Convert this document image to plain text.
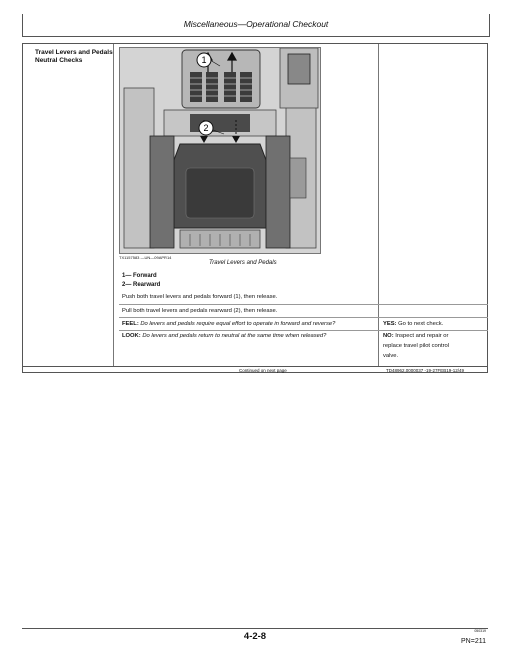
Miscellaneous—Operational Checkout
Travel Levers and Pedals
Neutral Checks	1
2
TX1157583 —UN—09APR14
Travel Levers and Pedals
1— Forward
2— Rearward
Push both travel levers and pedals forward (1), then release.
Pull both travel levers and pedals rearward (2), then release.
FEEL: Do levers and pedals require equal effort to operate in forward and reverse?	YES: Go to next check.
LOOK: Do levers and pedals return to neutral at the same time when released?	NO: Inspect and repair or
replace travel pilot control
valve.
Continued on next page	TD48962,0000037 -19-27FEB19-12/49
4-2-8	050319
PN=211
